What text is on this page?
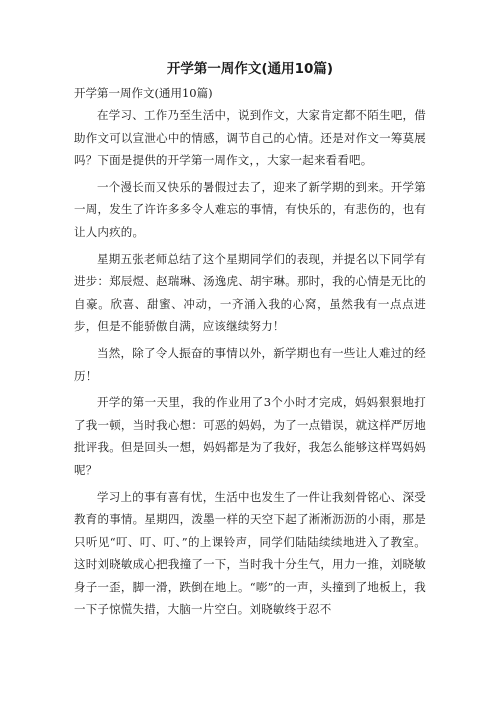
开学第一周作文(通用10篇)

开学第一周作文(通用10篇)

在学习、工作乃至生活中，说到作文，大家肯定都不陌生吧，借助作文可以宣泄心中的情感，调节自己的心情。还是对作文一筹莫展吗？下面是提供的开学第一周作文，，大家一起来看看吧。

一个漫长而又快乐的暑假过去了，迎来了新学期的到来。开学第一周，发生了许许多多令人难忘的事情，有快乐的，有悲伤的，也有让人内疚的。

星期五张老师总结了这个星期同学们的表现，并提名以下同学有进步：郑辰煜、赵瑞琳、汤逸虎、胡宇琳。那时，我的心情是无比的自豪。欣喜、甜蜜、冲动，一齐涌入我的心窝，虽然我有一点点进步，但是不能骄傲自满，应该继续努力！

当然，除了令人振奋的事情以外，新学期也有一些让人难过的经历！

开学的第一天里，我的作业用了3个小时才完成，妈妈狠狠地打了我一顿，当时我心想：可恶的妈妈，为了一点错误，就这样严厉地批评我。但是回头一想，妈妈都是为了我好，我怎么能够这样骂妈妈呢？

学习上的事有喜有忧，生活中也发生了一件让我刻骨铭心、深受教育的事情。星期四，泼墨一样的天空下起了淅淅沥沥的小雨，那是只听见“叮、叮、叮、”的上课铃声，同学们陆陆续续地进入了教室。这时刘晓敏成心把我撞了一下，当时我十分生气，用力一推，刘晓敏身子一歪，脚一滑，跌倒在地上。“嘭”的一声，头撞到了地板上，我一下子惊慌失措，大脑一片空白。刘晓敏终于忍不
